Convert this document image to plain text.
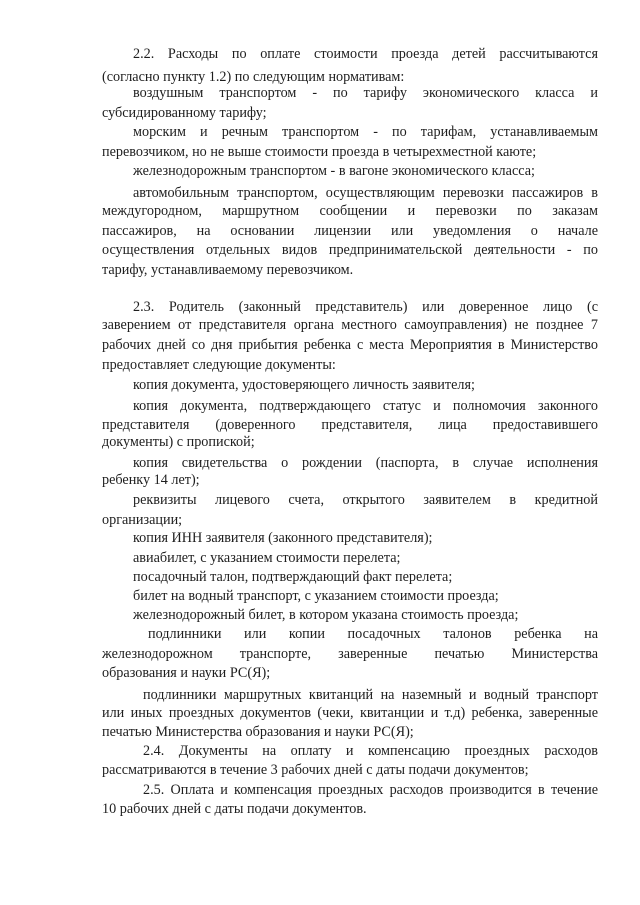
2.2. Расходы по оплате стоимости проезда детей рассчитываются
(согласно пункту 1.2) по следующим нормативам:
воздушным транспортом - по тарифу экономического класса и
субсидированному тарифу;
морским и речным транспортом - по тарифам, устанавливаемым
перевозчиком, но не выше стоимости проезда в четырехместной каюте;
железнодорожным транспортом - в вагоне экономического класса;
автомобильным транспортом, осуществляющим перевозки пассажиров в
междугородном, маршрутном сообщении и перевозки по заказам
пассажиров, на основании лицензии или уведомления о начале
осуществления отдельных видов предпринимательской деятельности - по
тарифу, устанавливаемому перевозчиком.
2.3. Родитель (законный представитель) или доверенное лицо (с
заверением от представителя органа местного самоуправления) не позднее 7
рабочих дней со дня прибытия ребенка с места Мероприятия в Министерство
предоставляет следующие документы:
копия документа, удостоверяющего личность заявителя;
копия документа, подтверждающего статус и полномочия законного
представителя (доверенного представителя, лица предоставившего
документы) с пропиской;
копия свидетельства о рождении (паспорта, в случае исполнения
ребенку 14 лет);
реквизиты лицевого счета, открытого заявителем в кредитной
организации;
копия ИНН заявителя (законного представителя);
авиабилет, с указанием стоимости перелета;
посадочный талон, подтверждающий факт перелета;
билет на водный транспорт, с указанием стоимости проезда;
железнодорожный билет, в котором указана стоимость проезда;
подлинники или копии посадочных талонов ребенка на
железнодорожном транспорте, заверенные печатью Министерства
образования и науки РС(Я);
подлинники маршрутных квитанций на наземный и водный транспорт
или иных проездных документов (чеки, квитанции и т.д) ребенка, заверенные
печатью Министерства образования и науки РС(Я);
2.4. Документы на оплату и компенсацию проездных расходов
рассматриваются в течение 3 рабочих дней с даты подачи документов;
2.5. Оплата и компенсация проездных расходов производится в течение
10 рабочих дней с даты подачи документов.
